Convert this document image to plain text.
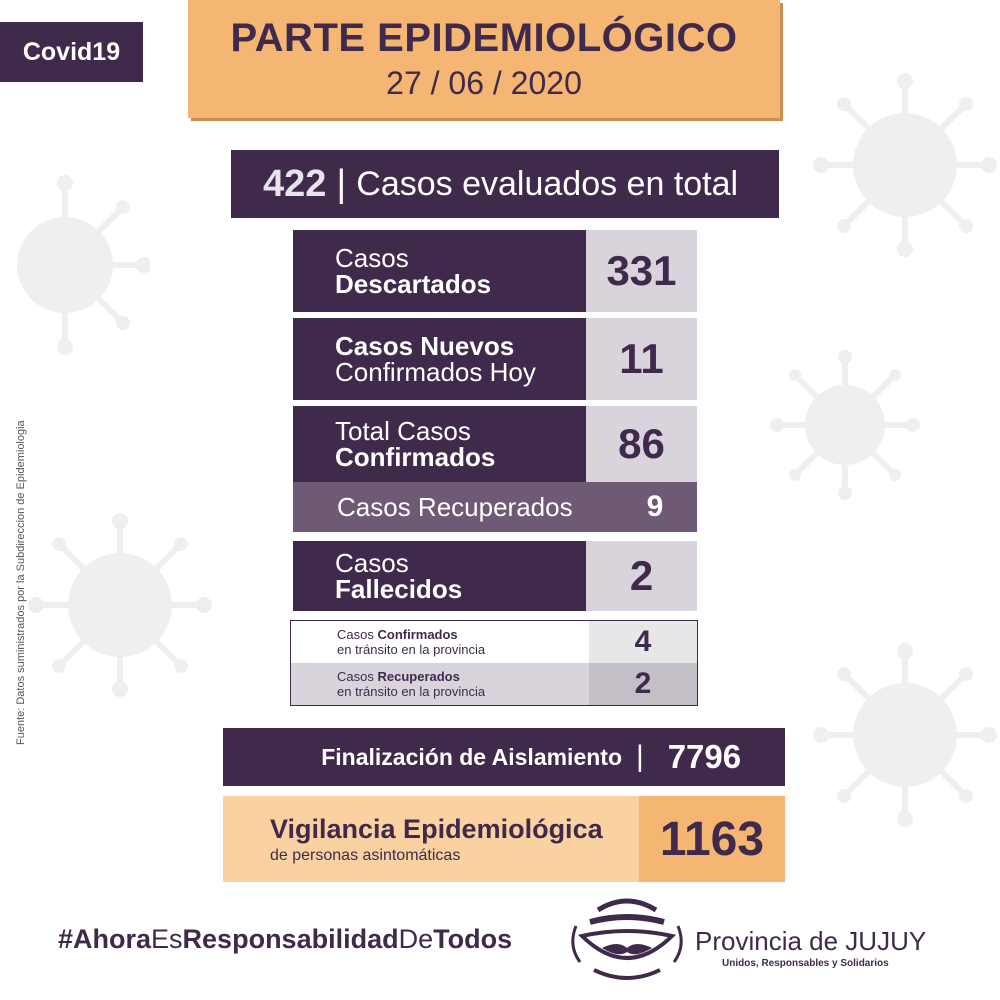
Covid19	PARTE EPIDEMIOLÓGICO
27 / 06 / 2020
422 | Casos evaluados en total
Casos
Descartados	331
Casos Nuevos
Confirmados Hoy	11
Total Casos
Confirmados	86
Casos Recuperados	9
Casos
Fallecidos	2
Casos Confirmados
en tránsito en la provincia	4
Casos Recuperados
en tránsito en la provincia	2
Finalización de Aislamiento | 7796
Vigilancia Epidemiológica
de personas asintomáticas	1163
Fuente: Datos suministrados por la Subdireccion de Epidemiologia
#AhoraEsResponsabilidadDeTodos	Provincia de JUJUY
Unidos, Responsables y Solidarios
